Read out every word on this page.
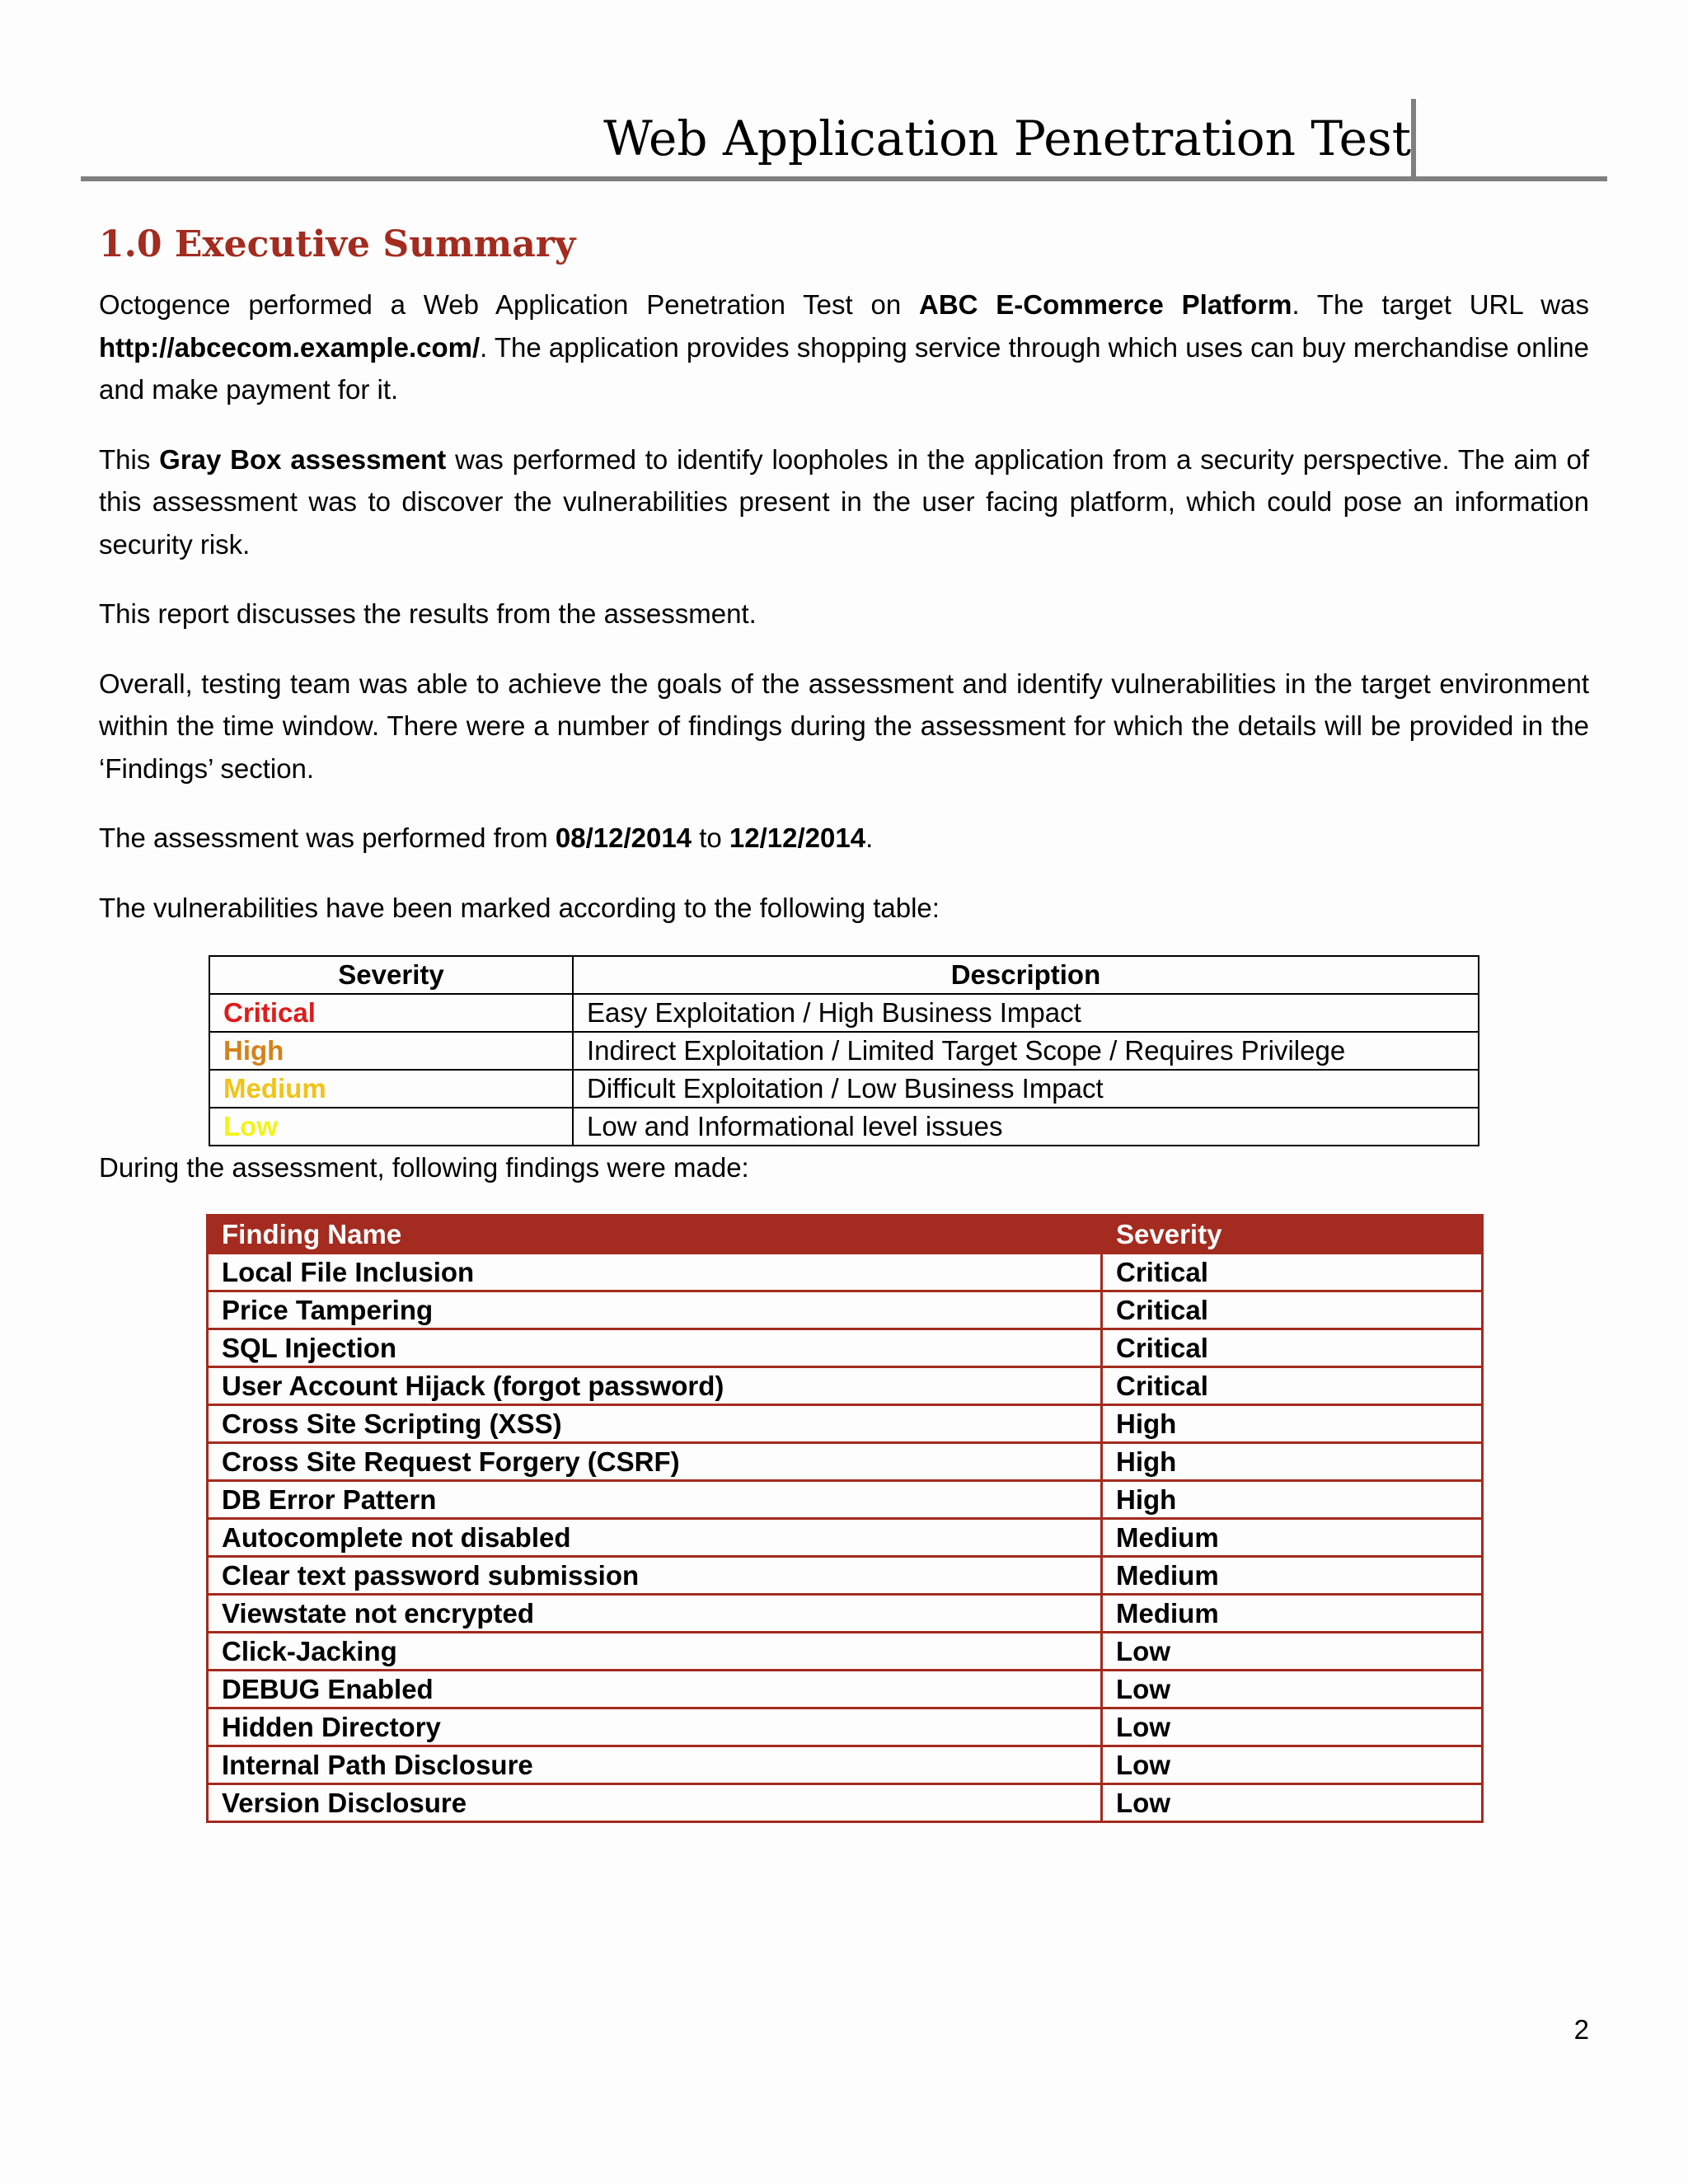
Web Application Penetration Test
1.0 Executive Summary

Octogence performed a Web Application Penetration Test on ABC E-Commerce Platform. The target URL was http://abcecom.example.com/. The application provides shopping service through which uses can buy merchandise online and make payment for it.

This Gray Box assessment was performed to identify loopholes in the application from a security perspective. The aim of this assessment was to discover the vulnerabilities present in the user facing platform, which could pose an information security risk.

This report discusses the results from the assessment.

Overall, testing team was able to achieve the goals of the assessment and identify vulnerabilities in the target environment within the time window. There were a number of findings during the assessment for which the details will be provided in the ‘Findings’ section.

The assessment was performed from 08/12/2014 to 12/12/2014.

The vulnerabilities have been marked according to the following table:

Severity	Description
Critical	Easy Exploitation / High Business Impact
High	Indirect Exploitation / Limited Target Scope / Requires Privilege
Medium	Difficult Exploitation / Low Business Impact
Low	Low and Informational level issues

During the assessment, following findings were made:

Finding Name	Severity
Local File Inclusion	Critical
Price Tampering	Critical
SQL Injection	Critical
User Account Hijack (forgot password)	Critical
Cross Site Scripting (XSS)	High
Cross Site Request Forgery (CSRF)	High
DB Error Pattern	High
Autocomplete not disabled	Medium
Clear text password submission	Medium
Viewstate not encrypted	Medium
Click-Jacking	Low
DEBUG Enabled	Low
Hidden Directory	Low
Internal Path Disclosure	Low
Version Disclosure	Low
2
